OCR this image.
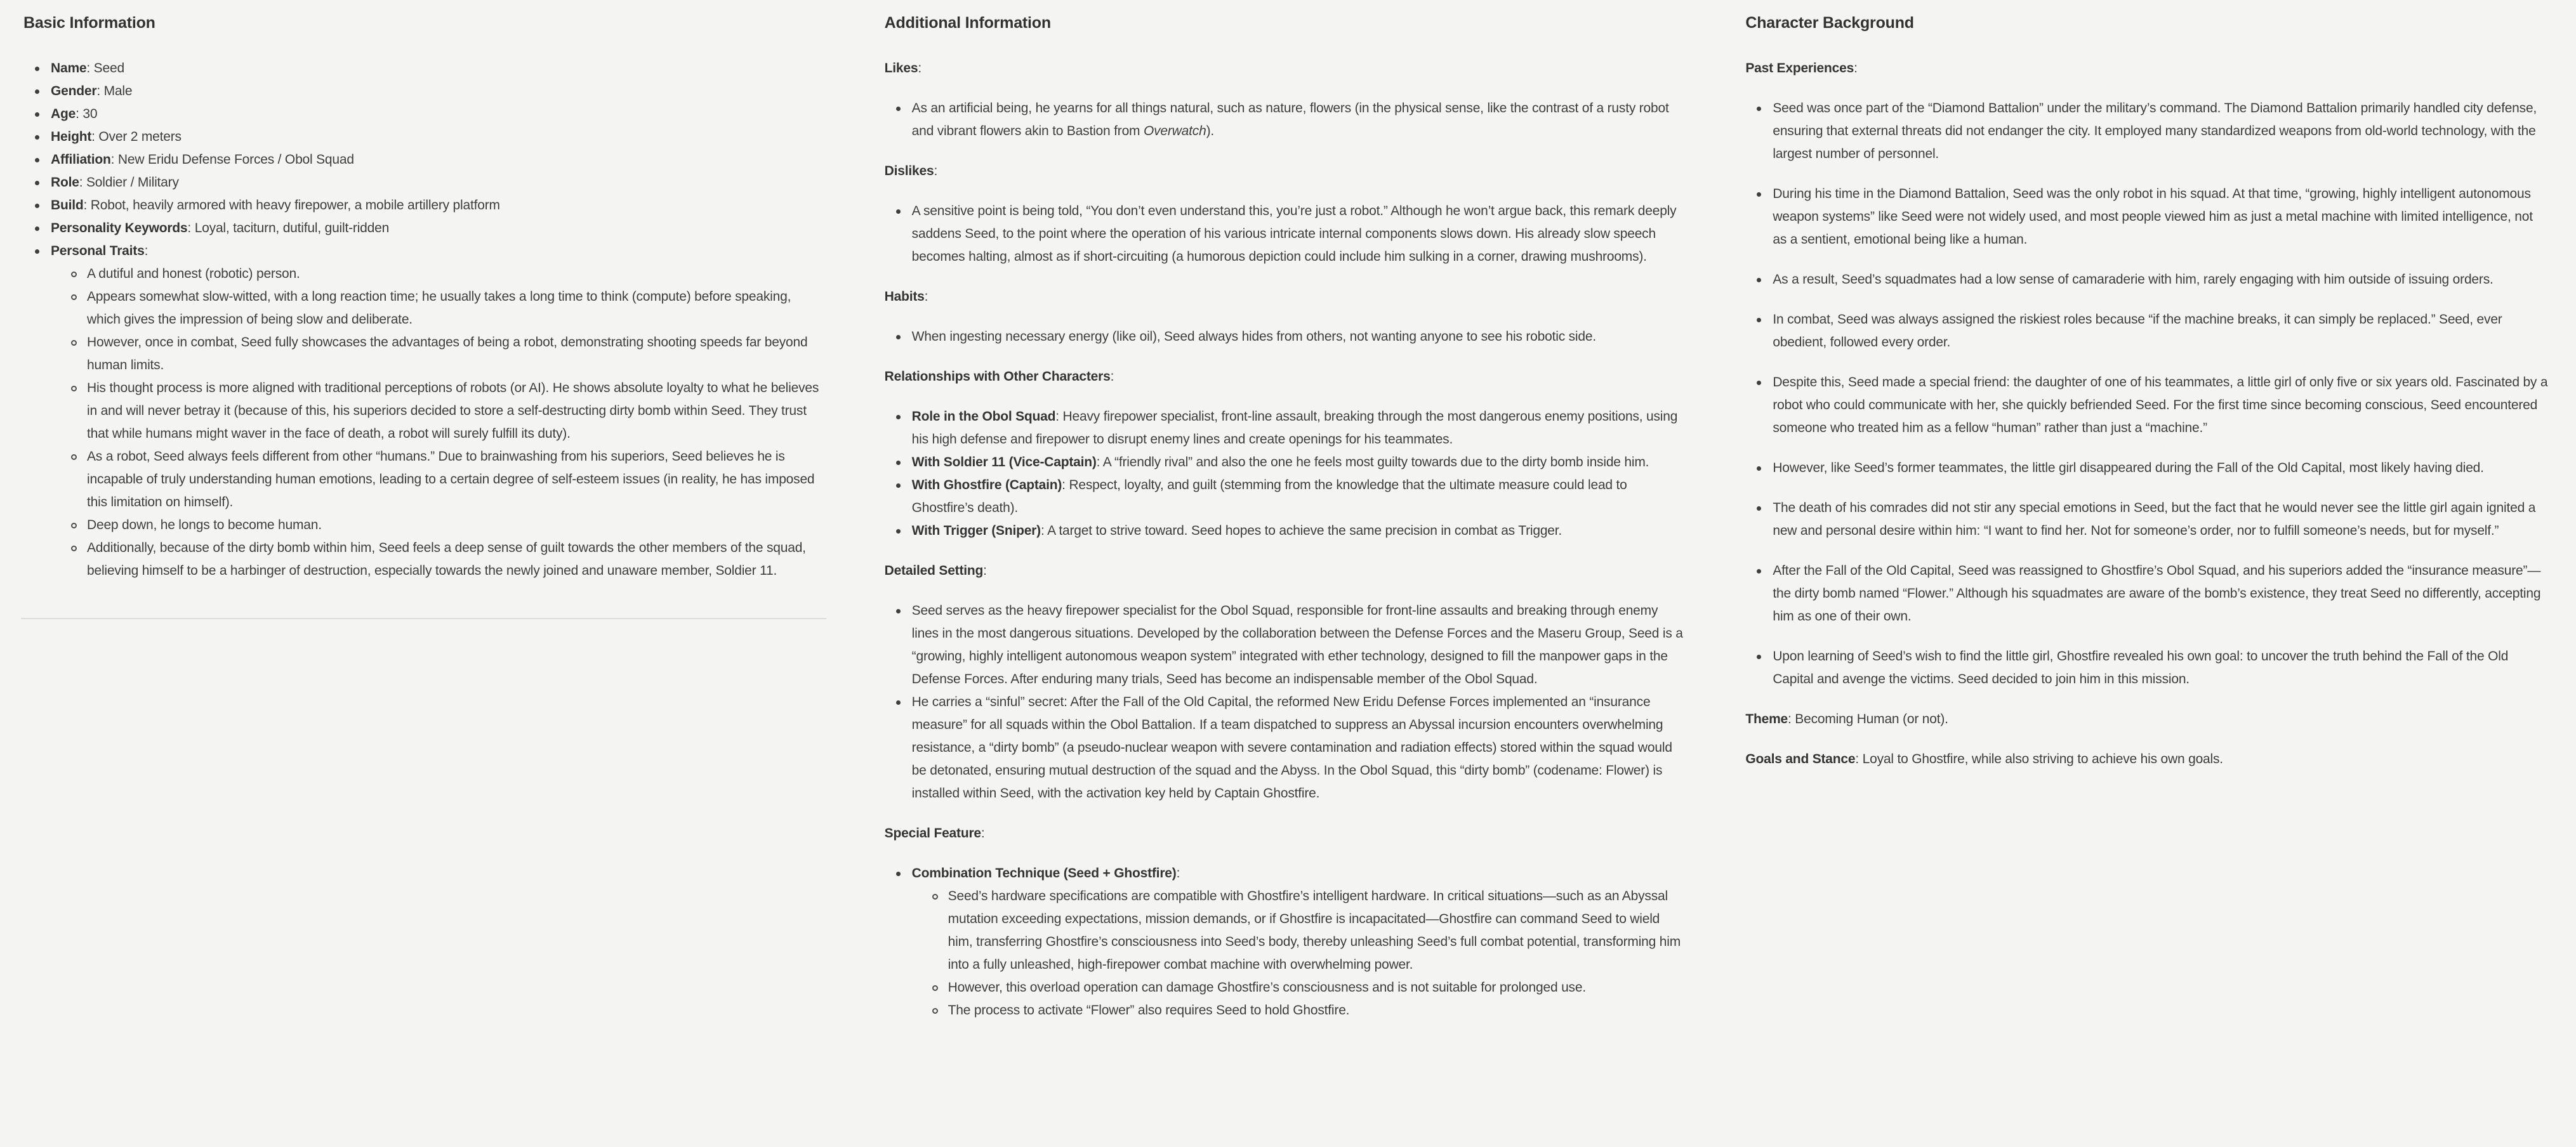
Basic Information
Name: Seed
Gender: Male
Age: 30
Height: Over 2 meters
Affiliation: New Eridu Defense Forces / Obol Squad
Role: Soldier / Military
Build: Robot, heavily armored with heavy firepower, a mobile artillery platform
Personality Keywords: Loyal, taciturn, dutiful, guilt-ridden
Personal Traits:
A dutiful and honest (robotic) person.
Appears somewhat slow-witted, with a long reaction time; he usually takes a long time to think (compute) before speaking, which gives the impression of being slow and deliberate.
However, once in combat, Seed fully showcases the advantages of being a robot, demonstrating shooting speeds far beyond human limits.
His thought process is more aligned with traditional perceptions of robots (or AI). He shows absolute loyalty to what he believes in and will never betray it (because of this, his superiors decided to store a self-destructing dirty bomb within Seed. They trust that while humans might waver in the face of death, a robot will surely fulfill its duty).
As a robot, Seed always feels different from other “humans.” Due to brainwashing from his superiors, Seed believes he is incapable of truly understanding human emotions, leading to a certain degree of self-esteem issues (in reality, he has imposed this limitation on himself).
Deep down, he longs to become human.
Additionally, because of the dirty bomb within him, Seed feels a deep sense of guilt towards the other members of the squad, believing himself to be a harbinger of destruction, especially towards the newly joined and unaware member, Soldier 11.
Additional Information

Likes:

As an artificial being, he yearns for all things natural, such as nature, flowers (in the physical sense, like the contrast of a rusty robot and vibrant flowers akin to Bastion from Overwatch).

Dislikes:

A sensitive point is being told, “You don’t even understand this, you’re just a robot.” Although he won’t argue back, this remark deeply saddens Seed, to the point where the operation of his various intricate internal components slows down. His already slow speech becomes halting, almost as if short-circuiting (a humorous depiction could include him sulking in a corner, drawing mushrooms).

Habits:

When ingesting necessary energy (like oil), Seed always hides from others, not wanting anyone to see his robotic side.

Relationships with Other Characters:

Role in the Obol Squad: Heavy firepower specialist, front-line assault, breaking through the most dangerous enemy positions, using his high defense and firepower to disrupt enemy lines and create openings for his teammates.
With Soldier 11 (Vice-Captain): A “friendly rival” and also the one he feels most guilty towards due to the dirty bomb inside him.
With Ghostfire (Captain): Respect, loyalty, and guilt (stemming from the knowledge that the ultimate measure could lead to Ghostfire’s death).
With Trigger (Sniper): A target to strive toward. Seed hopes to achieve the same precision in combat as Trigger.

Detailed Setting:

Seed serves as the heavy firepower specialist for the Obol Squad, responsible for front-line assaults and breaking through enemy lines in the most dangerous situations. Developed by the collaboration between the Defense Forces and the Maseru Group, Seed is a “growing, highly intelligent autonomous weapon system” integrated with ether technology, designed to fill the manpower gaps in the Defense Forces. After enduring many trials, Seed has become an indispensable member of the Obol Squad.
He carries a “sinful” secret: After the Fall of the Old Capital, the reformed New Eridu Defense Forces implemented an “insurance measure” for all squads within the Obol Battalion. If a team dispatched to suppress an Abyssal incursion encounters overwhelming resistance, a “dirty bomb” (a pseudo-nuclear weapon with severe contamination and radiation effects) stored within the squad would be detonated, ensuring mutual destruction of the squad and the Abyss. In the Obol Squad, this “dirty bomb” (codename: Flower) is installed within Seed, with the activation key held by Captain Ghostfire.

Special Feature:

Combination Technique (Seed + Ghostfire):
Seed’s hardware specifications are compatible with Ghostfire’s intelligent hardware. In critical situations—such as an Abyssal mutation exceeding expectations, mission demands, or if Ghostfire is incapacitated—Ghostfire can command Seed to wield him, transferring Ghostfire’s consciousness into Seed’s body, thereby unleashing Seed’s full combat potential, transforming him into a fully unleashed, high-firepower combat machine with overwhelming power.
However, this overload operation can damage Ghostfire’s consciousness and is not suitable for prolonged use.
The process to activate “Flower” also requires Seed to hold Ghostfire.
Character Background

Past Experiences:

Seed was once part of the “Diamond Battalion” under the military’s command. The Diamond Battalion primarily handled city defense, ensuring that external threats did not endanger the city. It employed many standardized weapons from old-world technology, with the largest number of personnel.
During his time in the Diamond Battalion, Seed was the only robot in his squad. At that time, “growing, highly intelligent autonomous weapon systems” like Seed were not widely used, and most people viewed him as just a metal machine with limited intelligence, not as a sentient, emotional being like a human.
As a result, Seed’s squadmates had a low sense of camaraderie with him, rarely engaging with him outside of issuing orders.
In combat, Seed was always assigned the riskiest roles because “if the machine breaks, it can simply be replaced.” Seed, ever obedient, followed every order.
Despite this, Seed made a special friend: the daughter of one of his teammates, a little girl of only five or six years old. Fascinated by a robot who could communicate with her, she quickly befriended Seed. For the first time since becoming conscious, Seed encountered someone who treated him as a fellow “human” rather than just a “machine.”
However, like Seed’s former teammates, the little girl disappeared during the Fall of the Old Capital, most likely having died.
The death of his comrades did not stir any special emotions in Seed, but the fact that he would never see the little girl again ignited a new and personal desire within him: “I want to find her. Not for someone’s order, nor to fulfill someone’s needs, but for myself.”
After the Fall of the Old Capital, Seed was reassigned to Ghostfire’s Obol Squad, and his superiors added the “insurance measure”—the dirty bomb named “Flower.” Although his squadmates are aware of the bomb’s existence, they treat Seed no differently, accepting him as one of their own.
Upon learning of Seed’s wish to find the little girl, Ghostfire revealed his own goal: to uncover the truth behind the Fall of the Old Capital and avenge the victims. Seed decided to join him in this mission.

Theme: Becoming Human (or not).

Goals and Stance: Loyal to Ghostfire, while also striving to achieve his own goals.
